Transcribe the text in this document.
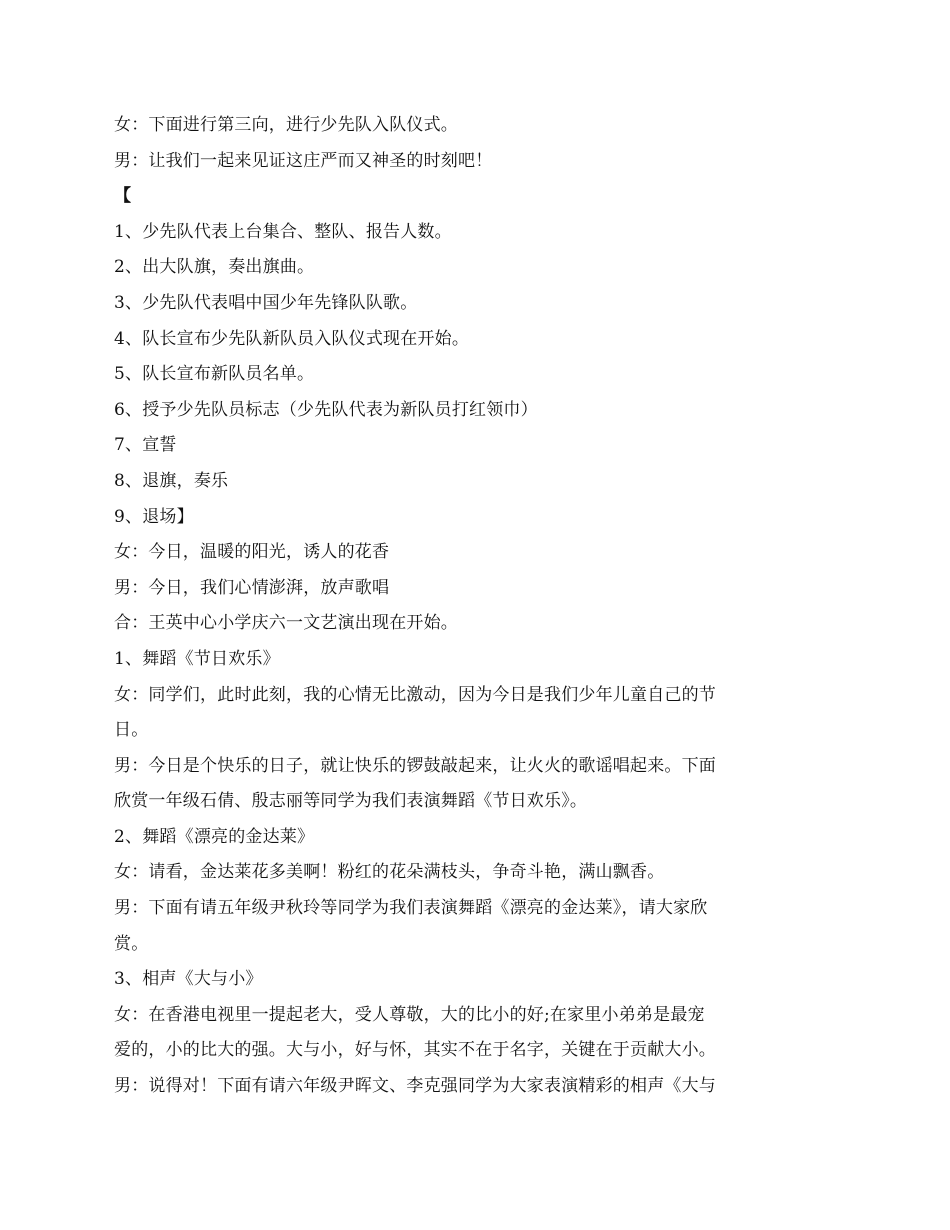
女：下面进行第三向，进行少先队入队仪式。
男：让我们一起来见证这庄严而又神圣的时刻吧！
【
1、少先队代表上台集合、整队、报告人数。
2、出大队旗，奏出旗曲。
3、少先队代表唱中国少年先锋队队歌。
4、队长宣布少先队新队员入队仪式现在开始。
5、队长宣布新队员名单。
6、授予少先队员标志（少先队代表为新队员打红领巾）
7、宣誓
8、退旗，奏乐
9、退场】
女：今日，温暖的阳光，诱人的花香
男：今日，我们心情澎湃，放声歌唱
合：王英中心小学庆六一文艺演出现在开始。
1、舞蹈《节日欢乐》
女：同学们，此时此刻，我的心情无比激动，因为今日是我们少年儿童自己的节
日。
男：今日是个快乐的日子，就让快乐的锣鼓敲起来，让火火的歌谣唱起来。下面
欣赏一年级石倩、殷志丽等同学为我们表演舞蹈《节日欢乐》。
2、舞蹈《漂亮的金达莱》
女：请看，金达莱花多美啊！粉红的花朵满枝头，争奇斗艳，满山飘香。
男：下面有请五年级尹秋玲等同学为我们表演舞蹈《漂亮的金达莱》，请大家欣
赏。
3、相声《大与小》
女：在香港电视里一提起老大，受人尊敬，大的比小的好;在家里小弟弟是最宠
爱的，小的比大的强。大与小，好与怀，其实不在于名字，关键在于贡献大小。
男：说得对！下面有请六年级尹晖文、李克强同学为大家表演精彩的相声《大与
